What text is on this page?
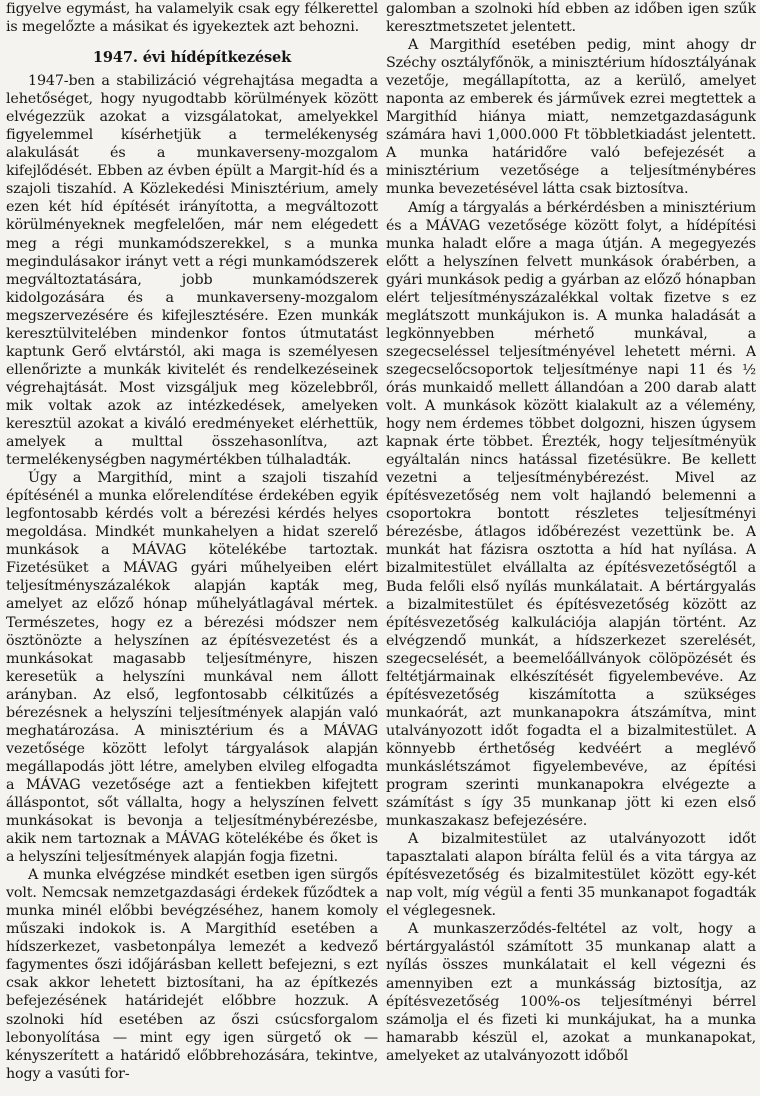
figyelve egymást, ha valamelyik csak egy félkerettel is megelőzte a másikat és igyekeztek azt behozni.

1947. évi hídépítkezések

1947-ben a stabilizáció végrehajtása megadta a lehetőséget, hogy nyugodtabb körülmények között elvégezzük azokat a vizsgálatokat, amelyekkel figyelemmel kísérhetjük a termelékenység alakulását és a munkaverseny-mozgalom kifejlődését. Ebben az évben épült a Margit-híd és a szajoli tiszahíd. A Közlekedési Minisztérium, amely ezen két híd építését irányította, a megváltozott körülményeknek megfelelően, már nem elégedett meg a régi munkamódszerekkel, s a munka megindulásakor irányt vett a régi munkamódszerek megváltoztatására, jobb munkamódszerek kidolgozására és a munkaverseny-mozgalom megszervezésére és kifejlesztésére. Ezen munkák keresztülvitelében mindenkor fontos útmutatást kaptunk Gerő elvtárstól, aki maga is személyesen ellenőrizte a munkák kivitelét és rendelkezéseinek végrehajtását. Most vizsgáljuk meg közelebbről, mik voltak azok az intézkedések, amelyeken keresztül azokat a kiváló eredményeket elérhettük, amelyek a multtal összehasonlítva, azt termelékenységben nagymértékben túlhaladták.

Úgy a Margithíd, mint a szajoli tiszahíd építésénél a munka előrelendítése érdekében egyik legfontosabb kérdés volt a bérezési kérdés helyes megoldása. Mindkét munkahelyen a hidat szerelő munkások a MÁVAG kötelékébe tartoztak. Fizetésüket a MÁVAG gyári műhelyeiben elért teljesítményszázalékok alapján kapták meg, amelyet az előző hónap műhelyátlagával mértek. Természetes, hogy ez a bérezési módszer nem ösztönözte a helyszínen az építésvezetést és a munkásokat magasabb teljesítményre, hiszen keresetük a helyszíni munkával nem állott arányban. Az első, legfontosabb célkitűzés a bérezésnek a helyszíni teljesítmények alapján való meghatározása. A minisztérium és a MÁVAG vezetősége között lefolyt tárgyalások alapján megállapodás jött létre, amelyben elvileg elfogadta a MÁVAG vezetősége azt a fentiekben kifejtett álláspontot, sőt vállalta, hogy a helyszínen felvett munkásokat is bevonja a teljesítménybérezésbe, akik nem tartoznak a MÁVAG kötelékébe és őket is a helyszíni teljesítmények alapján fogja fizetni.

A munka elvégzése mindkét esetben igen sürgős volt. Nemcsak nemzetgazdasági érdekek fűződtek a munka minél előbbi bevégzéséhez, hanem komoly műszaki indokok is. A Margithíd esetében a hídszerkezet, vasbetonpálya lemezét a kedvező fagymentes őszi időjárásban kellett befejezni, s ezt csak akkor lehetett biztosítani, ha az építkezés befejezésének határidejét előbbre hozzuk. A szolnoki híd esetében az őszi csúcsforgalom lebonyolítása — mint egy igen sürgető ok — kényszerített a határidő előbbrehozására, tekintve, hogy a vasúti for-

galomban a szolnoki híd ebben az időben igen szűk keresztmetszetet jelentett.

A Margithíd esetében pedig, mint ahogy dr Széchy osztályfőnök, a minisztérium hídosztályának vezetője, megállapította, az a kerülő, amelyet naponta az emberek és járművek ezrei megtettek a Margithíd hiánya miatt, nemzetgazdaságunk számára havi 1,000.000 Ft többletkiadást jelentett. A munka határidőre való befejezését a minisztérium vezetősége a teljesítménybéres munka bevezetésével látta csak biztosítva.

Amíg a tárgyalás a bérkérdésben a minisztérium és a MÁVAG vezetősége között folyt, a hídépítési munka haladt előre a maga útján. A megegyezés előtt a helyszínen felvett munkások órabérben, a gyári munkások pedig a gyárban az előző hónapban elért teljesítményszázalékkal voltak fizetve s ez meglátszott munkájukon is. A munka haladását a legkönnyebben mérhető munkával, a szegecseléssel teljesítményével lehetett mérni. A szegecselőcsoportok teljesítménye napi 11 és ½ órás munkaidő mellett állandóan a 200 darab alatt volt. A munkások között kialakult az a vélemény, hogy nem érdemes többet dolgozni, hiszen úgysem kapnak érte többet. Érezték, hogy teljesítményük egyáltalán nincs hatással fizetésükre. Be kellett vezetni a teljesítménybérezést. Mivel az építésvezetőség nem volt hajlandó belemenni a csoportokra bontott részletes teljesítményi bérezésbe, átlagos időbérezést vezettünk be. A munkát hat fázisra osztotta a híd hat nyílása. A bizalmitestület elvállalta az építésvezetőségtől a Buda felőli első nyílás munkálatait. A bértárgyalás a bizalmitestület és építésvezetőség között az építésvezetőség kalkulációja alapján történt. Az elvégzendő munkát, a hídszerkezet szerelését, szegecselését, a beemelőállványok cölöpözését és feltétjármainak elkészítését figyelembevéve. Az építésvezetőség kiszámította a szükséges munkaórát, azt munkanapokra átszámítva, mint utalványozott időt fogadta el a bizalmitestület. A könnyebb érthetőség kedvéért a meglévő munkáslétszámot figyelembevéve, az építési program szerinti munkanapokra elvégezte a számítást s így 35 munkanap jött ki ezen első munkaszakasz befejezésére.

A bizalmitestület az utalványozott időt tapasztalati alapon bírálta felül és a vita tárgya az építésvezetőség és bizalmitestület között egy-két nap volt, míg végül a fenti 35 munkanapot fogadták el véglegesnek.

A munkaszerződés-feltétel az volt, hogy a bértárgyalástól számított 35 munkanap alatt a nyílás összes munkálatait el kell végezni és amennyiben ezt a munkásság biztosítja, az építésvezetőség 100%-os teljesítményi bérrel számolja el és fizeti ki munkájukat, ha a munka hamarabb készül el, azokat a munkanapokat, amelyeket az utalványozott időből
